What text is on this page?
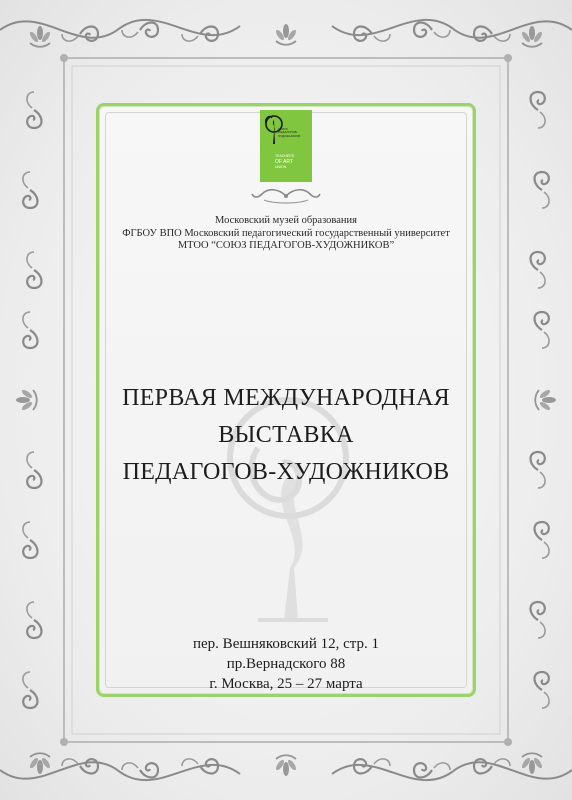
СОЮЗ
ПЕДАГОГОВ-
ХУДОЖНИКОВ
TEACHERS
OF ART
UNION
Московский музей образования
ФГБОУ ВПО Московский педагогический государственный университет
МТОО “СОЮЗ ПЕДАГОГОВ-ХУДОЖНИКОВ”
ПЕРВАЯ МЕЖДУНАРОДНАЯ
ВЫСТАВКА
ПЕДАГОГОВ-ХУДОЖНИКОВ
пер. Вешняковский 12, стр. 1
пр.Вернадского 88
г. Москва, 25 – 27 марта
